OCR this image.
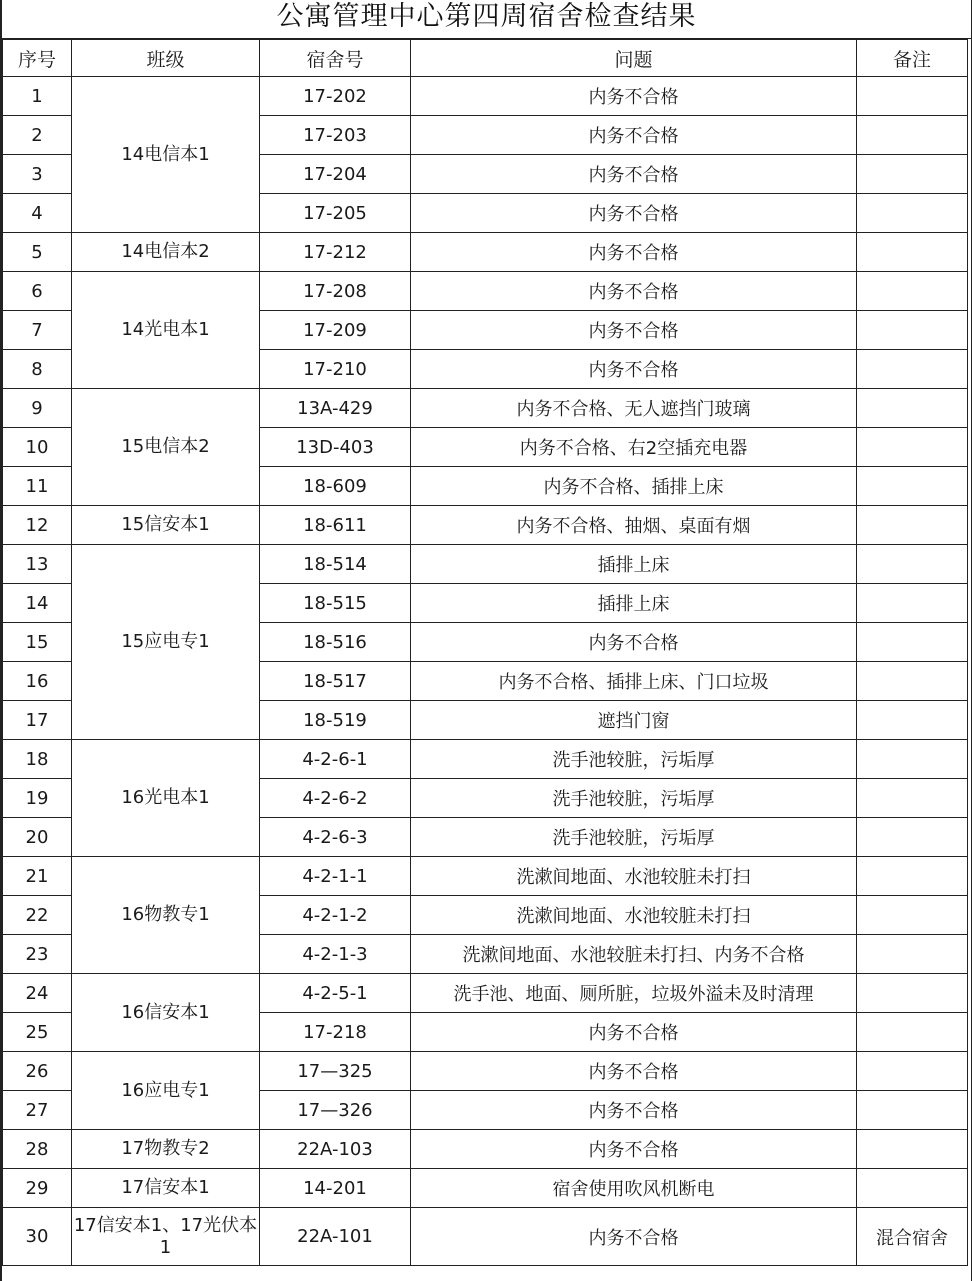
公寓管理中心第四周宿舍检查结果
序号	班级	宿舍号	问题	备注
1	14电信本1	17-202	内务不合格	
2		17-203	内务不合格	
3		17-204	内务不合格	
4		17-205	内务不合格	
5	14电信本2	17-212	内务不合格	
6	14光电本1	17-208	内务不合格	
7		17-209	内务不合格	
8		17-210	内务不合格	
9	15电信本2	13A-429	内务不合格、无人遮挡门玻璃	
10		13D-403	内务不合格、右2空插充电器	
11		18-609	内务不合格、插排上床	
12	15信安本1	18-611	内务不合格、抽烟、桌面有烟	
13	15应电专1	18-514	插排上床	
14		18-515	插排上床	
15		18-516	内务不合格	
16		18-517	内务不合格、插排上床、门口垃圾	
17		18-519	遮挡门窗	
18	16光电本1	4-2-6-1	洗手池较脏，污垢厚	
19		4-2-6-2	洗手池较脏，污垢厚	
20		4-2-6-3	洗手池较脏，污垢厚	
21	16物教专1	4-2-1-1	洗漱间地面、水池较脏未打扫	
22		4-2-1-2	洗漱间地面、水池较脏未打扫	
23		4-2-1-3	洗漱间地面、水池较脏未打扫、内务不合格	
24	16信安本1	4-2-5-1	洗手池、地面、厕所脏，垃圾外溢未及时清理	
25		17-218	内务不合格	
26	16应电专1	17—325	内务不合格	
27		17—326	内务不合格	
28	17物教专2	22A-103	内务不合格	
29	17信安本1	14-201	宿舍使用吹风机断电	
30	17信安本1、17光伏本1	22A-101	内务不合格	混合宿舍
